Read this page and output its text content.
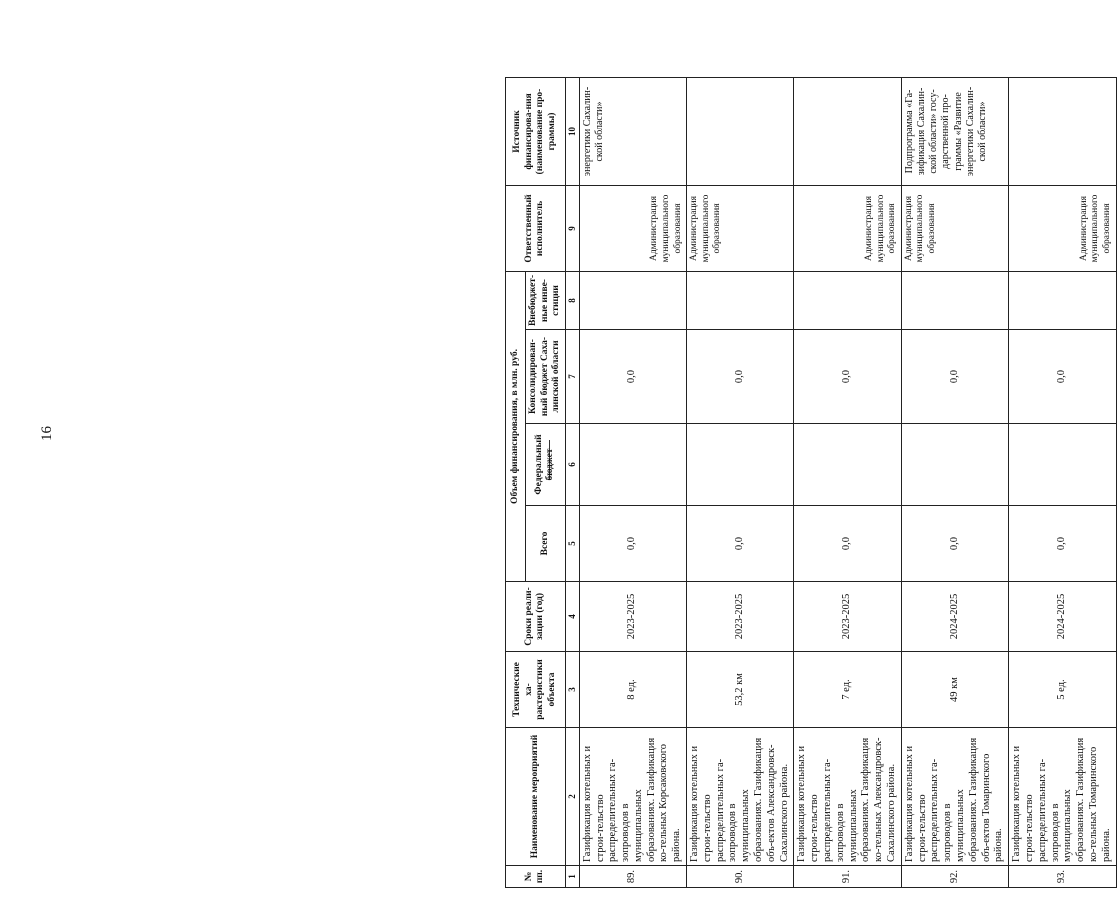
16
№ пп.	Наименование мероприятий	Технические ха-рактеристики объекта	Сроки реали-зации (год)	Объем финансирования, в млн. руб.				Ответственный исполнитель	Источник финансирова-ния (наименование про-граммы)
				Всего	Федеральный бюджет	Консолидирован-ный бюджет Саха-линской области	Внебюджет-ные инве-стиции		
1	2	3	4	5	6	7	8	9	10
89.	Газификация котельных и строи-тельство распределительных га-зопроводов в муниципальных образованиях. Газификация ко-тельных Корсаковского района.	8 ед.	2023-2025	0,0		0,0		Администрация муниципального образования	энергетики Сахалин-ской области»
90.	Газификация котельных и строи-тельство распределительных га-зопроводов в муниципальных образованиях. Газификация объ-ектов Александровск-Сахалинского района.	53,2 км	2023-2025	0,0		0,0		Администрация муниципального образования	
91.	Газификация котельных и строи-тельство распределительных га-зопроводов в муниципальных образованиях. Газификация ко-тельных Александровск-Сахалинского района.	7 ед.	2023-2025	0,0		0,0		Администрация муниципального образования	
92.	Газификация котельных и строи-тельство распределительных га-зопроводов в муниципальных образованиях. Газификация объ-ектов Томаринского района.	49 км	2024-2025	0,0		0,0		Администрация муниципального образования	Подпрограмма «Га-зификация Сахалин-ской области» госу-дарственной про-граммы «Развитие энергетики Сахалин-ской области»
93.	Газификация котельных и строи-тельство распределительных га-зопроводов в муниципальных образованиях. Газификация ко-тельных Томаринского района.	5 ед.	2024-2025	0,0		0,0		Администрация муниципального образования	
